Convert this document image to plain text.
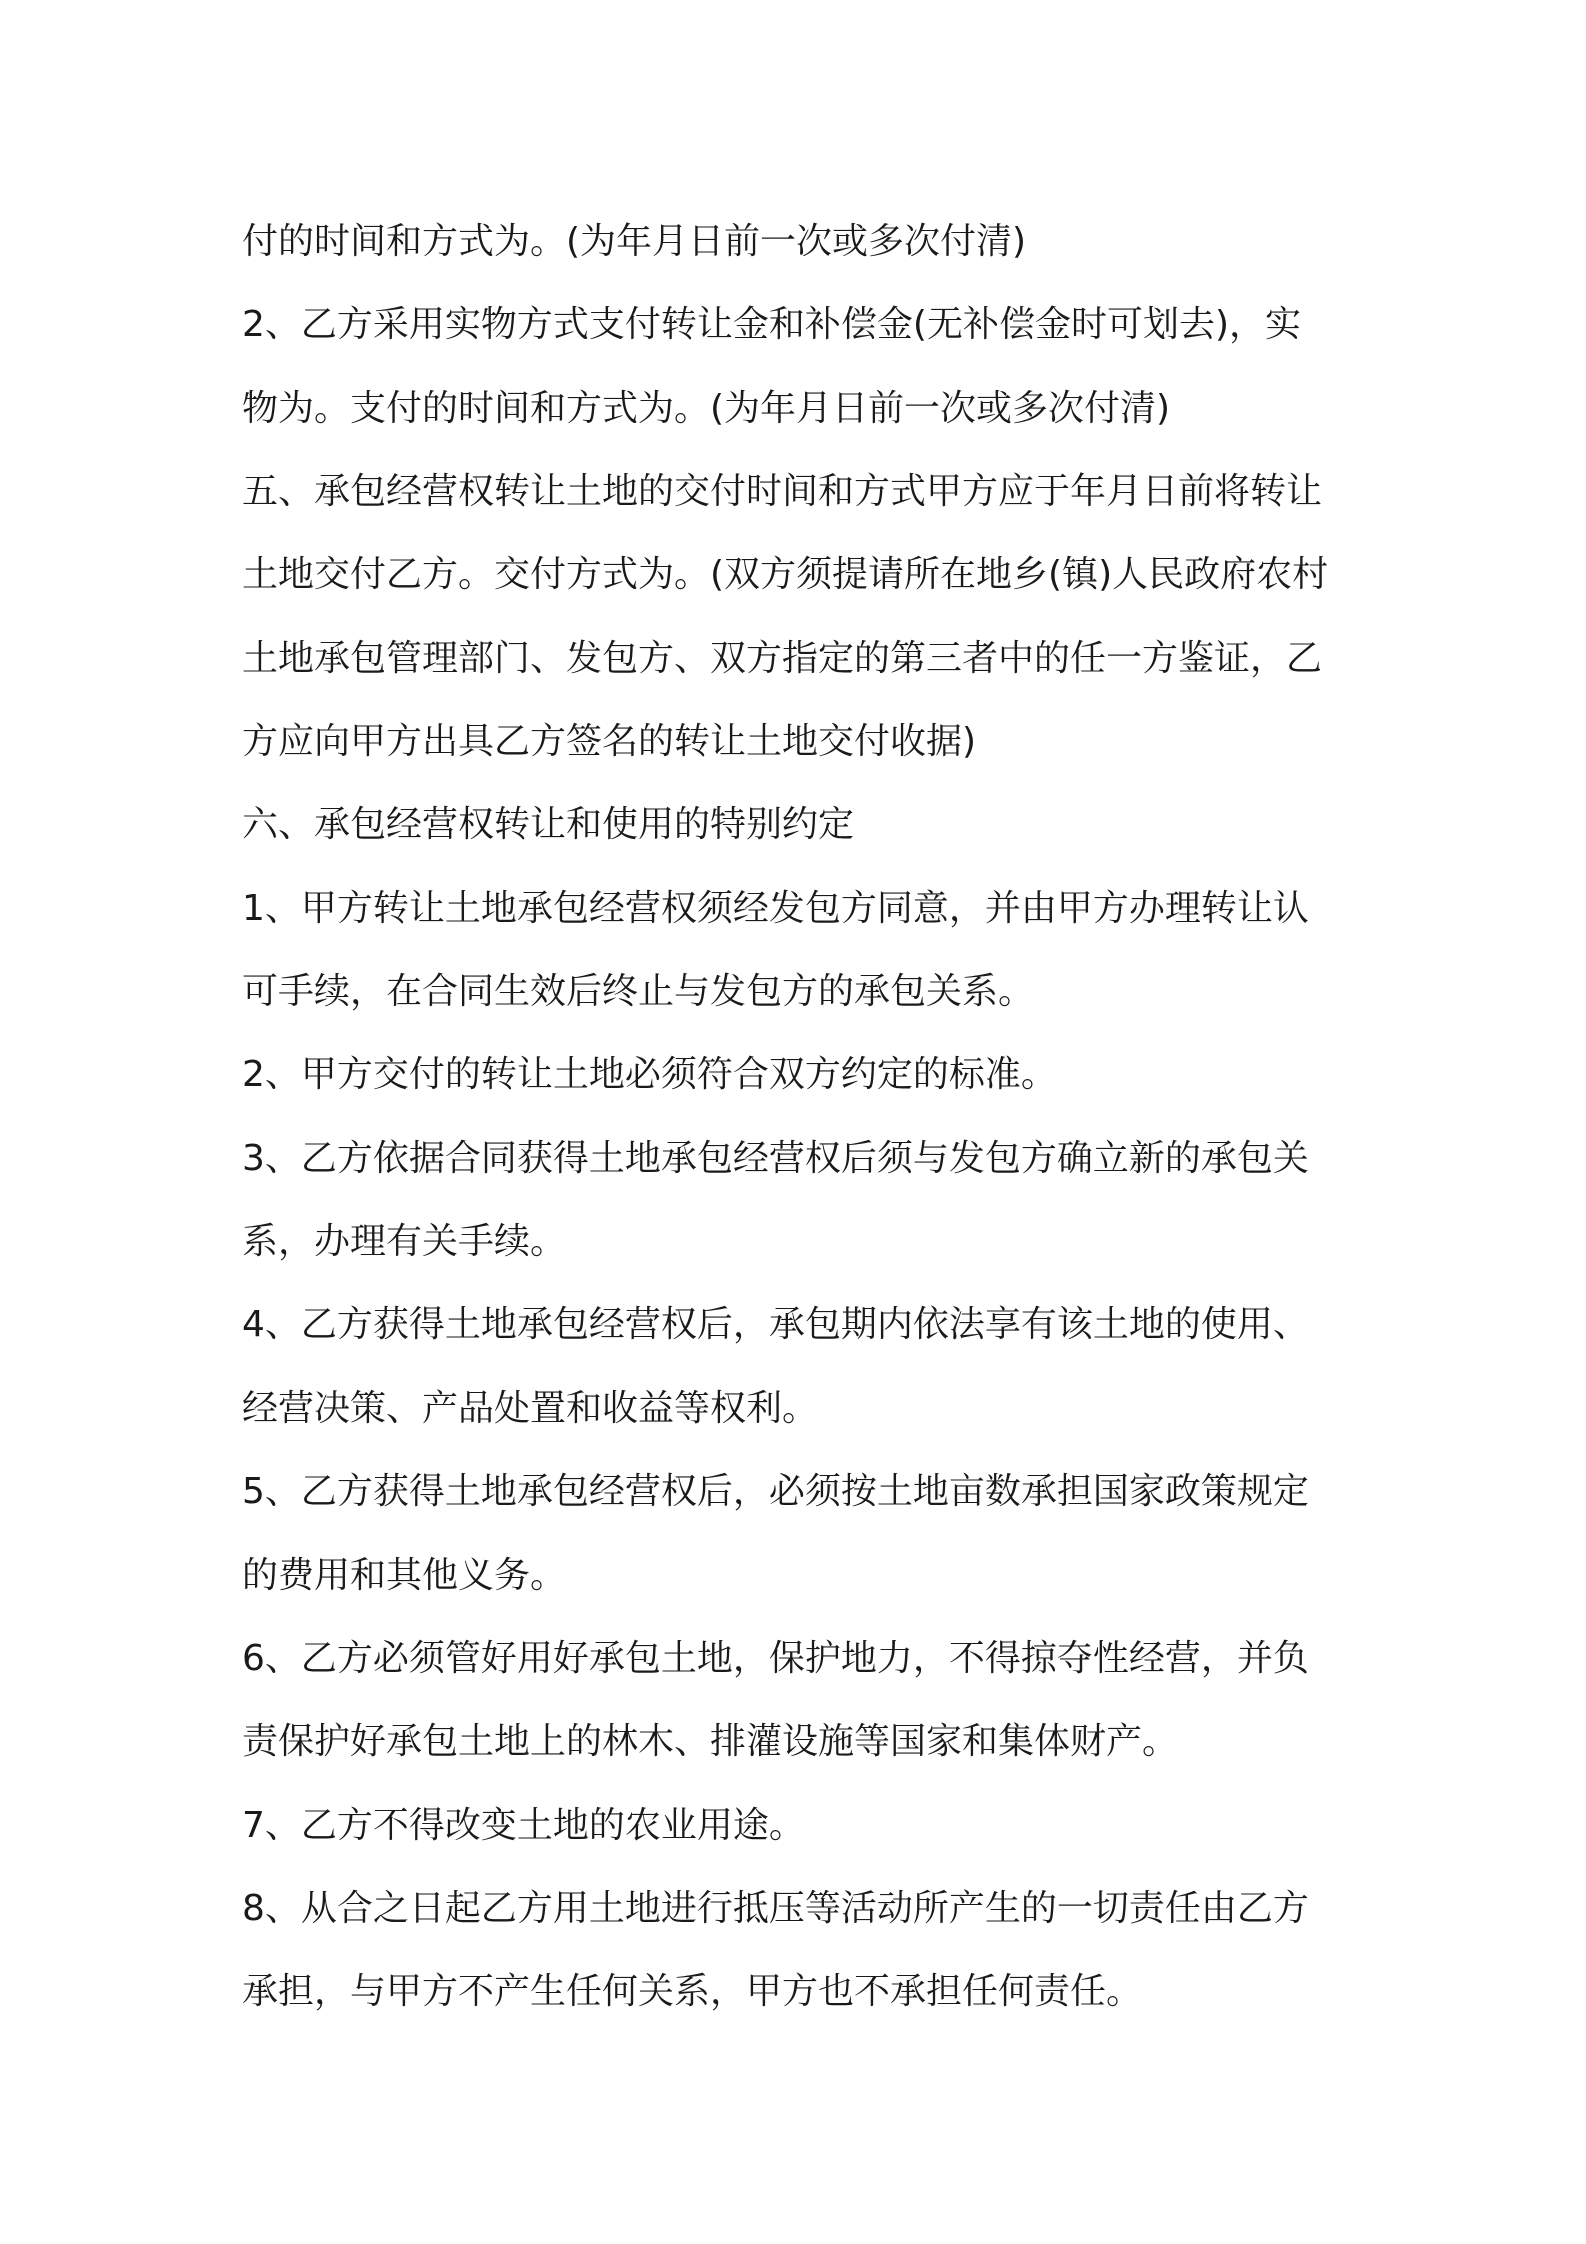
付的时间和方式为。(为年月日前一次或多次付清)

2、乙方采用实物方式支付转让金和补偿金(无补偿金时可划去)，实

物为。支付的时间和方式为。(为年月日前一次或多次付清)

五、承包经营权转让土地的交付时间和方式甲方应于年月日前将转让

土地交付乙方。交付方式为。(双方须提请所在地乡(镇)人民政府农村

土地承包管理部门、发包方、双方指定的第三者中的任一方鉴证，乙

方应向甲方出具乙方签名的转让土地交付收据)

六、承包经营权转让和使用的特别约定

1、甲方转让土地承包经营权须经发包方同意，并由甲方办理转让认

可手续，在合同生效后终止与发包方的承包关系。

2、甲方交付的转让土地必须符合双方约定的标准。

3、乙方依据合同获得土地承包经营权后须与发包方确立新的承包关

系，办理有关手续。

4、乙方获得土地承包经营权后，承包期内依法享有该土地的使用、

经营决策、产品处置和收益等权利。

5、乙方获得土地承包经营权后，必须按土地亩数承担国家政策规定

的费用和其他义务。

6、乙方必须管好用好承包土地，保护地力，不得掠夺性经营，并负

责保护好承包土地上的林木、排灌设施等国家和集体财产。

7、乙方不得改变土地的农业用途。

8、从合之日起乙方用土地进行抵压等活动所产生的一切责任由乙方

承担，与甲方不产生任何关系，甲方也不承担任何责任。
